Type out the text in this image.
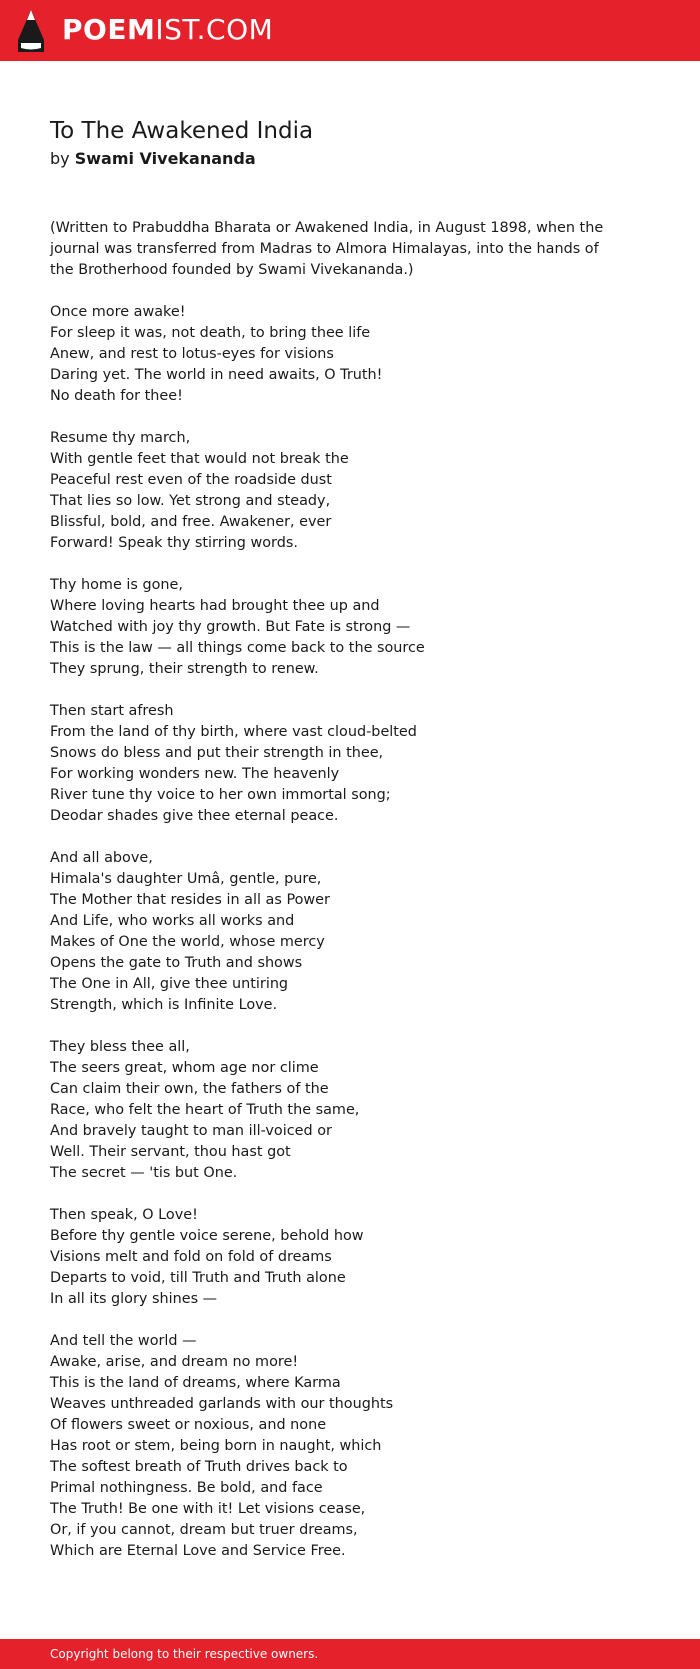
POEMIST.COM
To The Awakened India
by Swami Vivekananda
(Written to Prabuddha Bharata or Awakened India, in August 1898, when the
journal was transferred from Madras to Almora Himalayas, into the hands of
the Brotherhood founded by Swami Vivekananda.)
Once more awake!
For sleep it was, not death, to bring thee life
Anew, and rest to lotus-eyes for visions
Daring yet. The world in need awaits, O Truth!
No death for thee!
Resume thy march,
With gentle feet that would not break the
Peaceful rest even of the roadside dust
That lies so low. Yet strong and steady,
Blissful, bold, and free. Awakener, ever
Forward! Speak thy stirring words.
Thy home is gone,
Where loving hearts had brought thee up and
Watched with joy thy growth. But Fate is strong —
This is the law — all things come back to the source
They sprung, their strength to renew.
Then start afresh
From the land of thy birth, where vast cloud-belted
Snows do bless and put their strength in thee,
For working wonders new. The heavenly
River tune thy voice to her own immortal song;
Deodar shades give thee eternal peace.
And all above,
Himala's daughter Umâ, gentle, pure,
The Mother that resides in all as Power
And Life, who works all works and
Makes of One the world, whose mercy
Opens the gate to Truth and shows
The One in All, give thee untiring
Strength, which is Infinite Love.
They bless thee all,
The seers great, whom age nor clime
Can claim their own, the fathers of the
Race, who felt the heart of Truth the same,
And bravely taught to man ill-voiced or
Well. Their servant, thou hast got
The secret — 'tis but One.
Then speak, O Love!
Before thy gentle voice serene, behold how
Visions melt and fold on fold of dreams
Departs to void, till Truth and Truth alone
In all its glory shines —
And tell the world —
Awake, arise, and dream no more!
This is the land of dreams, where Karma
Weaves unthreaded garlands with our thoughts
Of flowers sweet or noxious, and none
Has root or stem, being born in naught, which
The softest breath of Truth drives back to
Primal nothingness. Be bold, and face
The Truth! Be one with it! Let visions cease,
Or, if you cannot, dream but truer dreams,
Which are Eternal Love and Service Free.
Copyright belong to their respective owners.
